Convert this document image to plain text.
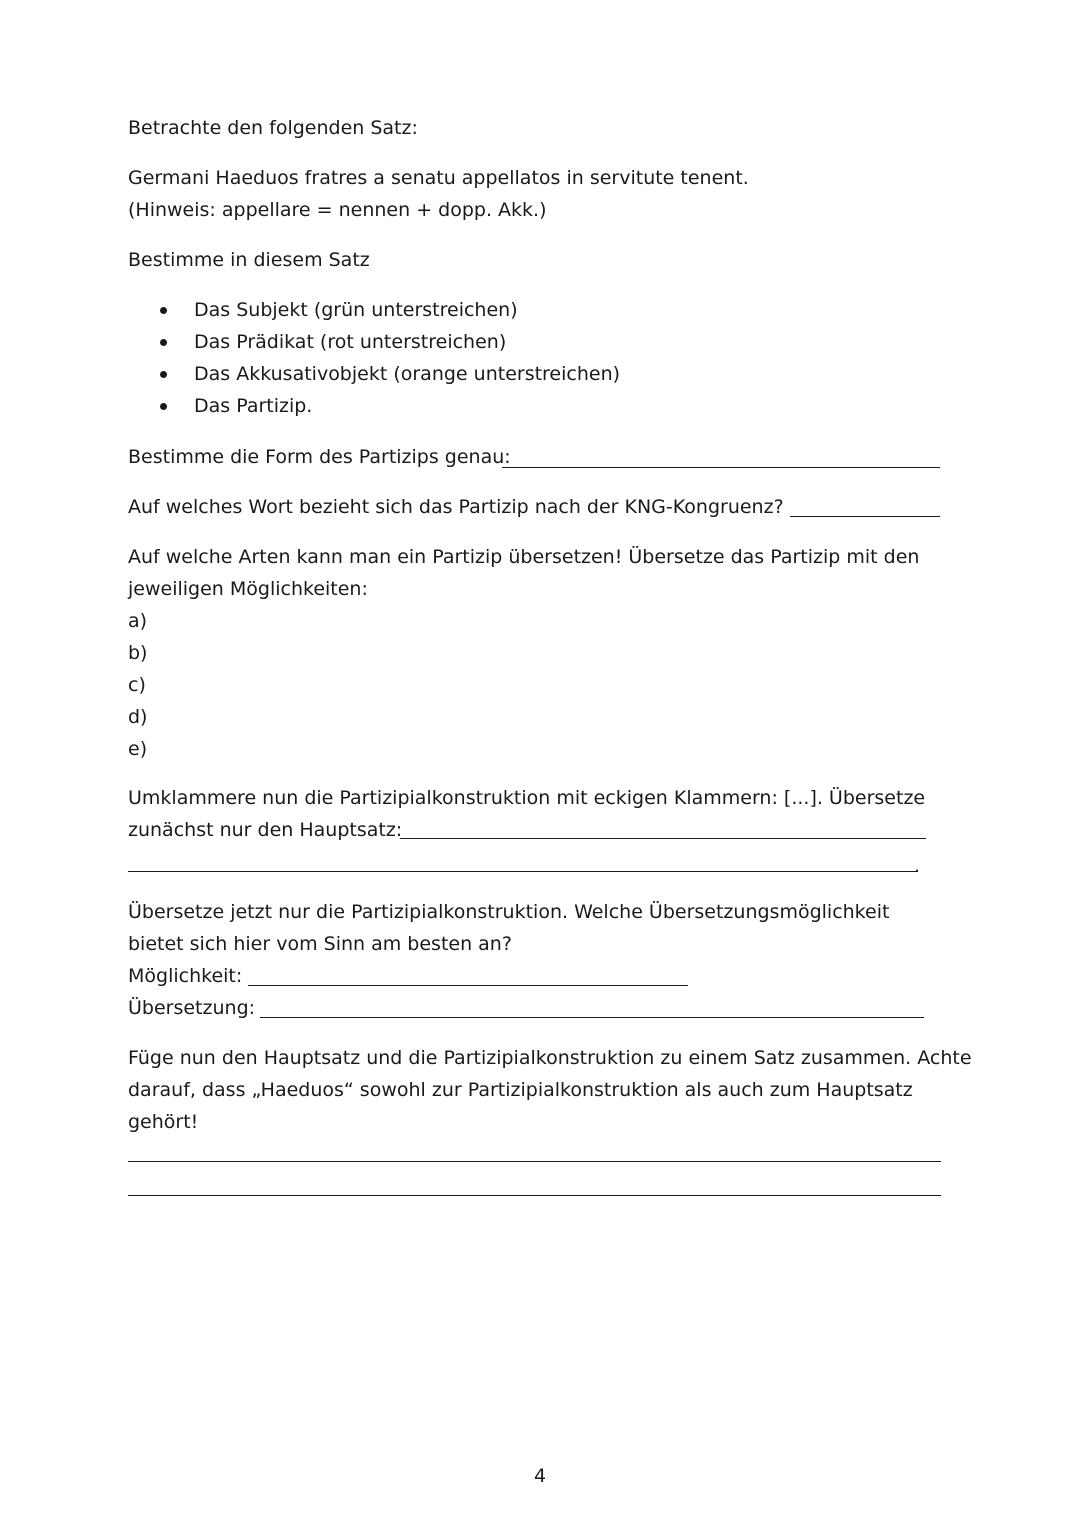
Betrachte den folgenden Satz:
Germani Haeduos fratres a senatu appellatos in servitute tenent.
(Hinweis: appellare = nennen + dopp. Akk.)
Bestimme in diesem Satz
Das Subjekt (grün unterstreichen)
Das Prädikat (rot unterstreichen)
Das Akkusativobjekt (orange unterstreichen)
Das Partizip.
Bestimme die Form des Partizips genau:
Auf welches Wort bezieht sich das Partizip nach der KNG-Kongruenz?
Auf welche Arten kann man ein Partizip übersetzen! Übersetze das Partizip mit den
jeweiligen Möglichkeiten:
a)
b)
c)
d)
e)
Umklammere nun die Partizipialkonstruktion mit eckigen Klammern: [...]. Übersetze
zunächst nur den Hauptsatz:
.
Übersetze jetzt nur die Partizipialkonstruktion. Welche Übersetzungsmöglichkeit
bietet sich hier vom Sinn am besten an?
Möglichkeit:
Übersetzung:
Füge nun den Hauptsatz und die Partizipialkonstruktion zu einem Satz zusammen. Achte
darauf, dass „Haeduos“ sowohl zur Partizipialkonstruktion als auch zum Hauptsatz
gehört!
4
